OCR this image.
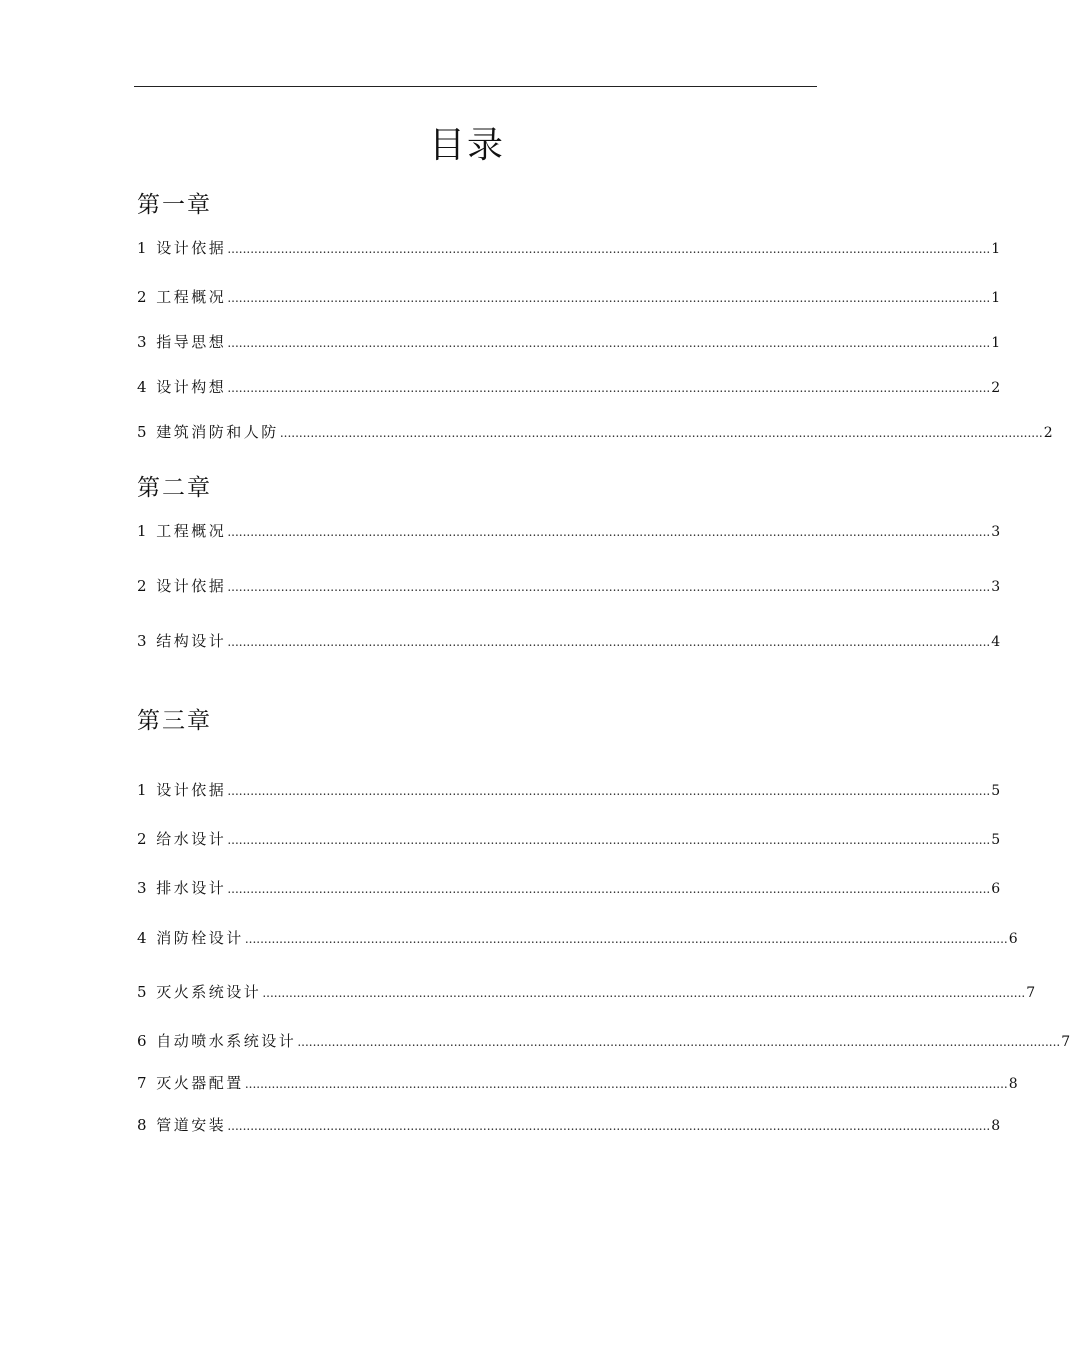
目录
第一章
1 设计依据 ........................................................................................................................................................................................................ 1
2 工程概况 ........................................................................................................................................................................................................ 1
3 指导思想 ........................................................................................................................................................................................................ 1
4 设计构想 ........................................................................................................................................................................................................ 2
5 建筑消防和人防 ........................................................................................................................................................................................................ 2
第二章
1 工程概况 ........................................................................................................................................................................................................ 3
2 设计依据 ........................................................................................................................................................................................................ 3
3 结构设计 ........................................................................................................................................................................................................ 4
第三章
1 设计依据 ........................................................................................................................................................................................................ 5
2 给水设计 ........................................................................................................................................................................................................ 5
3 排水设计 ........................................................................................................................................................................................................ 6
4 消防栓设计 ........................................................................................................................................................................................................ 6
5 灭火系统设计 ........................................................................................................................................................................................................ 7
6 自动喷水系统设计 ........................................................................................................................................................................................................ 7
7 灭火器配置 ........................................................................................................................................................................................................ 8
8 管道安装 ........................................................................................................................................................................................................ 8
